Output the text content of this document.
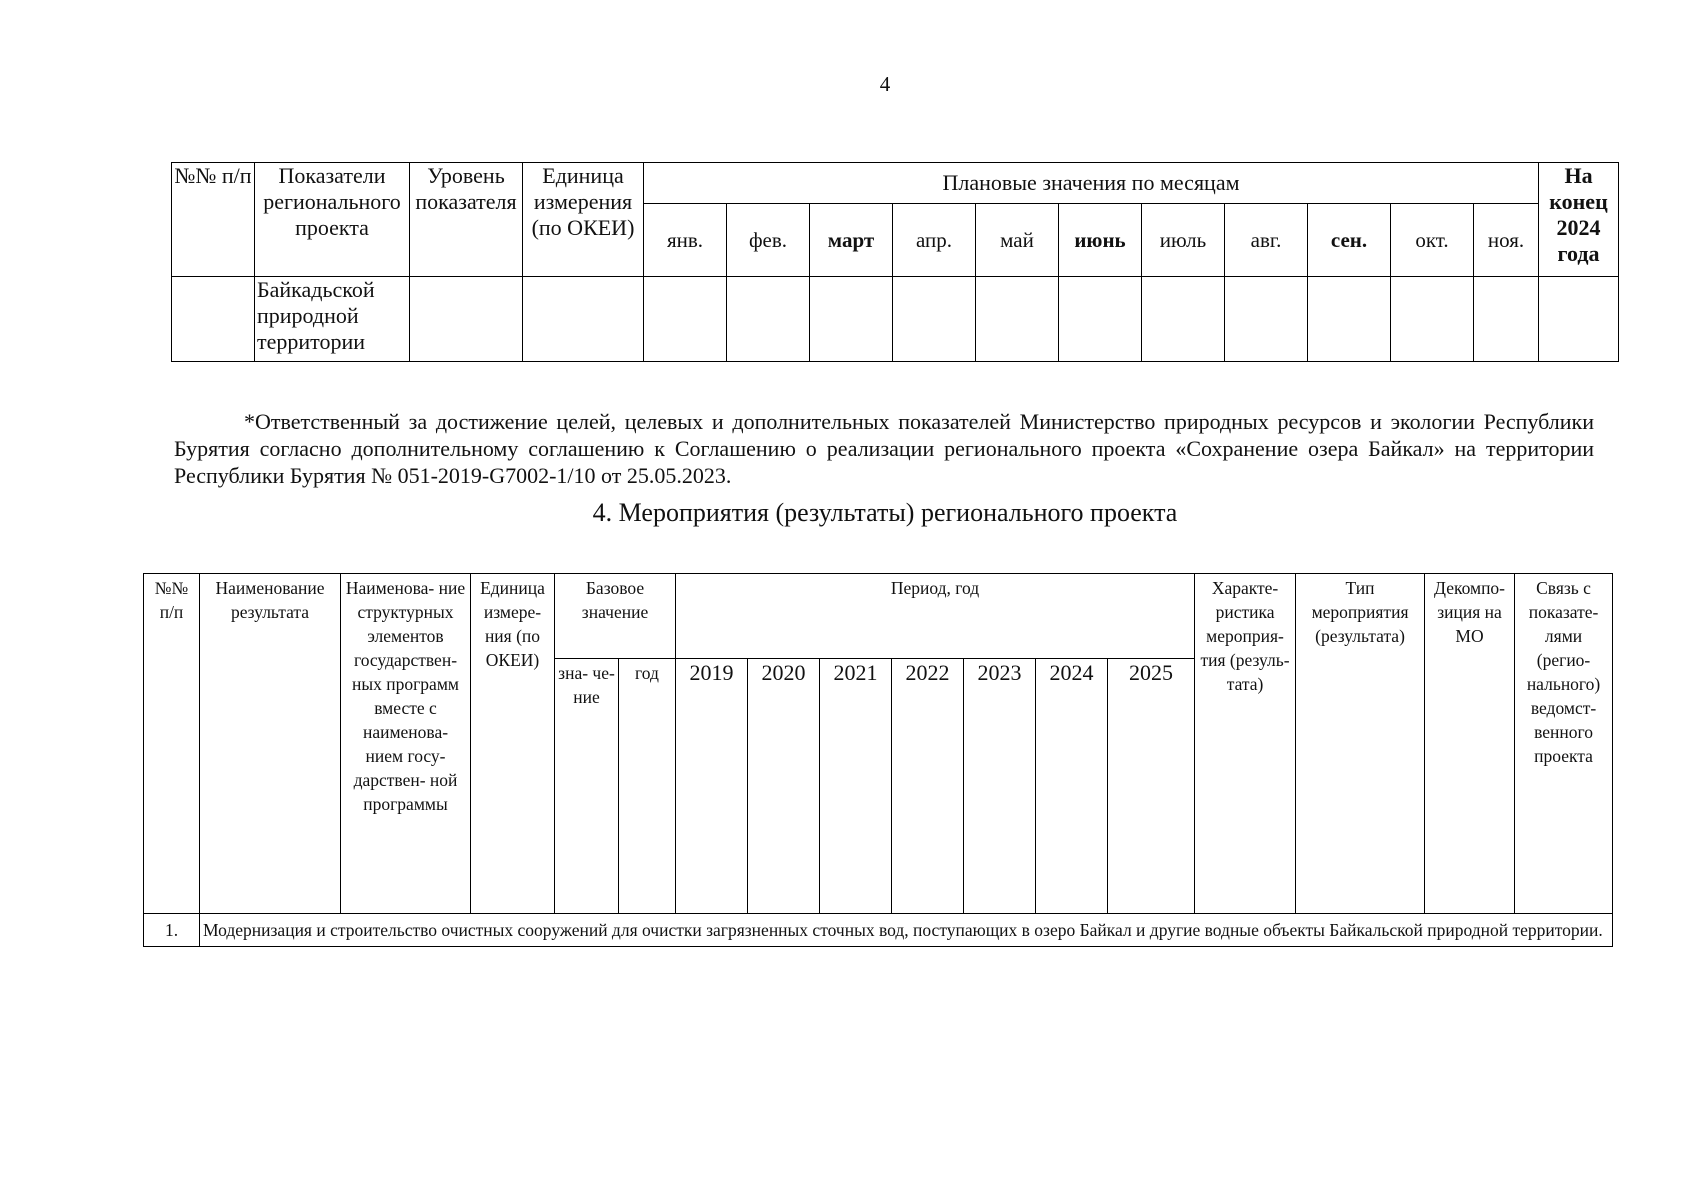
4
№№ п/п	Показатели регионального проекта	Уровень показателя	Единица измерения (по ОКЕИ)	Плановые значения по месяцам											На конец 2024 года
				янв.	фев.	март	апр.	май	июнь	июль	авг.	сен.	окт.	ноя.	
	Байкадьской природной территории														

*Ответственный за достижение целей, целевых и дополнительных показателей Министерство природных ресурсов и экологии Республики Бурятия согласно дополнительному соглашению к Соглашению о реализации регионального проекта «Сохранение озера Байкал» на территории Республики Бурятия № 051-2019-G7002-1/10 от 25.05.2023.

4. Мероприятия (результаты) регионального проекта
№№ п/п	Наименование результата	Наименова- ние структурных элементов государствен- ных программ вместе с наименова- нием госу- дарствен- ной программы	Единица измере- ния (по ОКЕИ)	Базовое значение		Период, год							Характе- ристика мероприя- тия (резуль- тата)	Тип мероприятия (результата)	Декомпо- зиция на МО	Связь с показате- лями (регио- нального) ведомст- венного проекта
				зна- че- ние	год	2019	2020	2021	2022	2023	2024	2025				
1.	Модернизация и строительство очистных сооружений для очистки загрязненных сточных вод, поступающих в озеро Байкал и другие водные объекты Байкальской природной территории.															
